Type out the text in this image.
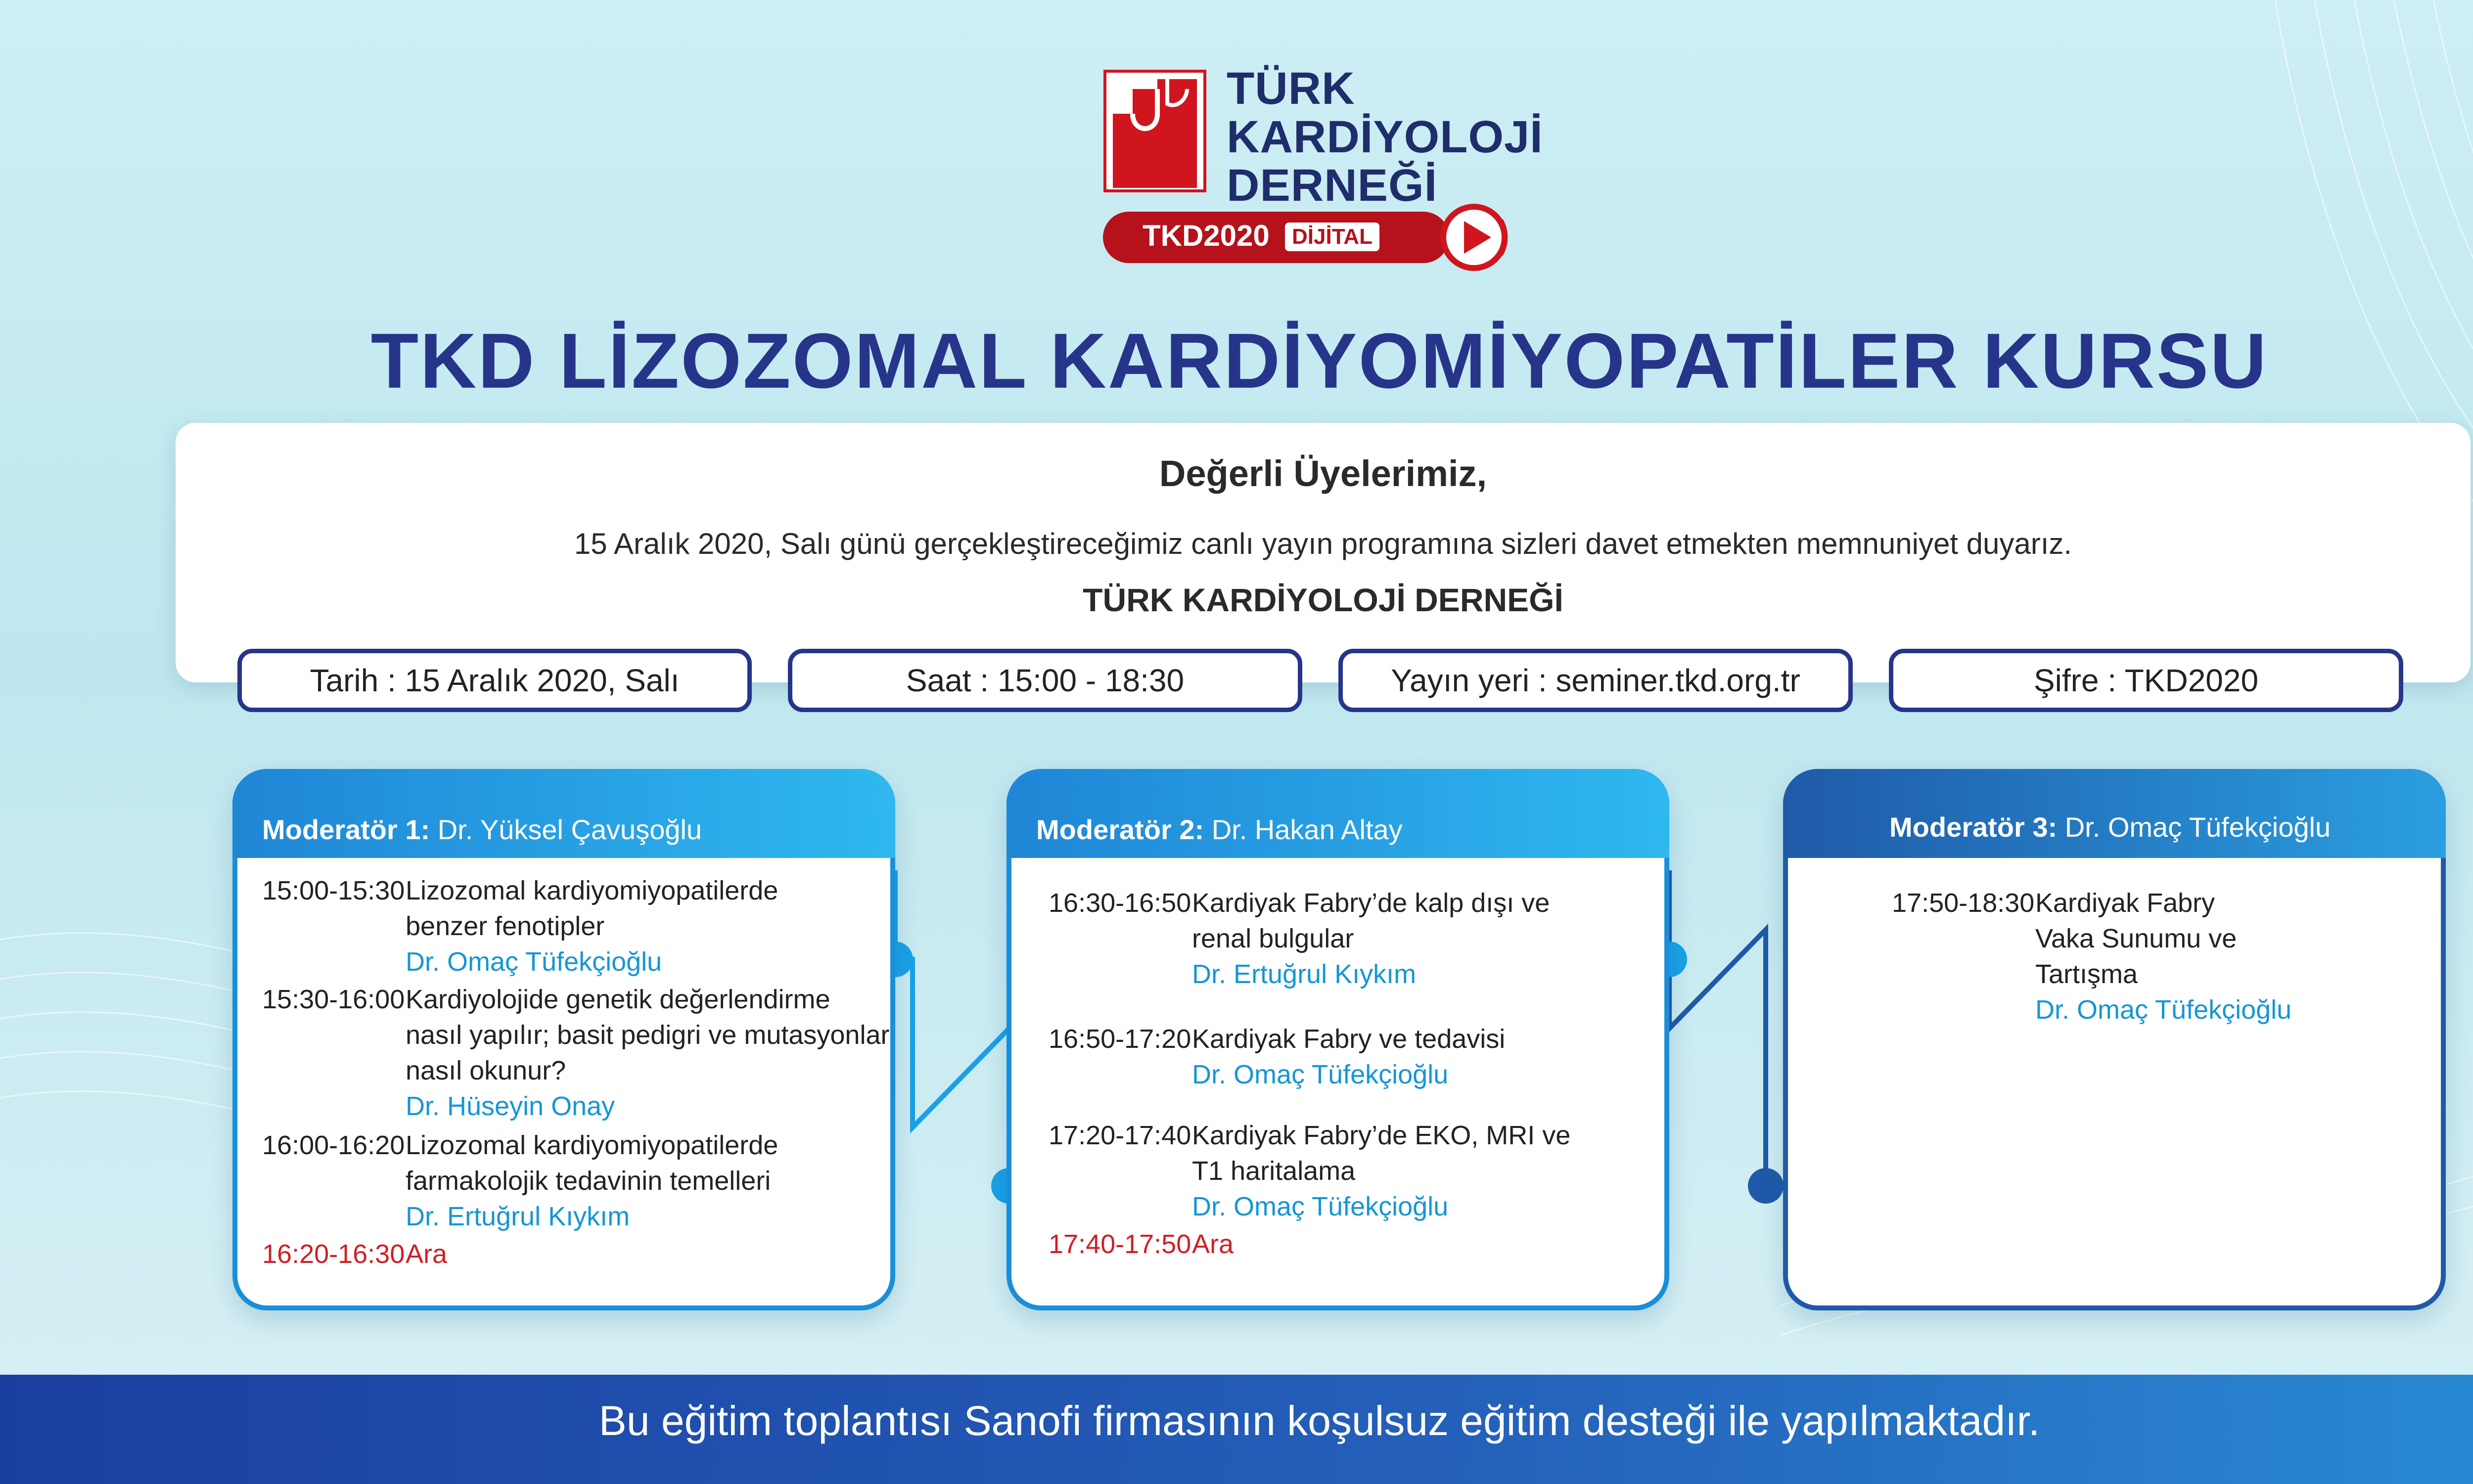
TÜRK
KARDİYOLOJİ
DERNEĞİ
TKD2020	DİJİTAL
TKD LİZOZOMAL KARDİYOMİYOPATİLER KURSU
Değerli Üyelerimiz,
15 Aralık 2020, Salı günü gerçekleştireceğimiz canlı yayın programına sizleri davet etmekten memnuniyet duyarız.
TÜRK KARDİYOLOJİ DERNEĞİ
Tarih : 15 Aralık 2020, Salı	Saat : 15:00 - 18:30	Yayın yeri : seminer.tkd.org.tr	Şifre : TKD2020
Moderatör 1: Dr. Yüksel Çavuşoğlu
15:00-15:30 Lizozomal kardiyomiyopatilerde
benzer fenotipler
Dr. Omaç Tüfekçioğlu
15:30-16:00 Kardiyolojide genetik değerlendirme
nasıl yapılır; basit pedigri ve mutasyonlar
nasıl okunur?
Dr. Hüseyin Onay
16:00-16:20 Lizozomal kardiyomiyopatilerde
farmakolojik tedavinin temelleri
Dr. Ertuğrul Kıykım
16:20-16:30 Ara
Moderatör 2: Dr. Hakan Altay
16:30-16:50 Kardiyak Fabry’de kalp dışı ve
renal bulgular
Dr. Ertuğrul Kıykım
16:50-17:20 Kardiyak Fabry ve tedavisi
Dr. Omaç Tüfekçioğlu
17:20-17:40 Kardiyak Fabry’de EKO, MRI ve
T1 haritalama
Dr. Omaç Tüfekçioğlu
17:40-17:50 Ara
Moderatör 3: Dr. Omaç Tüfekçioğlu
17:50-18:30 Kardiyak Fabry
Vaka Sunumu ve
Tartışma
Dr. Omaç Tüfekçioğlu
Bu eğitim toplantısı Sanofi firmasının koşulsuz eğitim desteği ile yapılmaktadır.
